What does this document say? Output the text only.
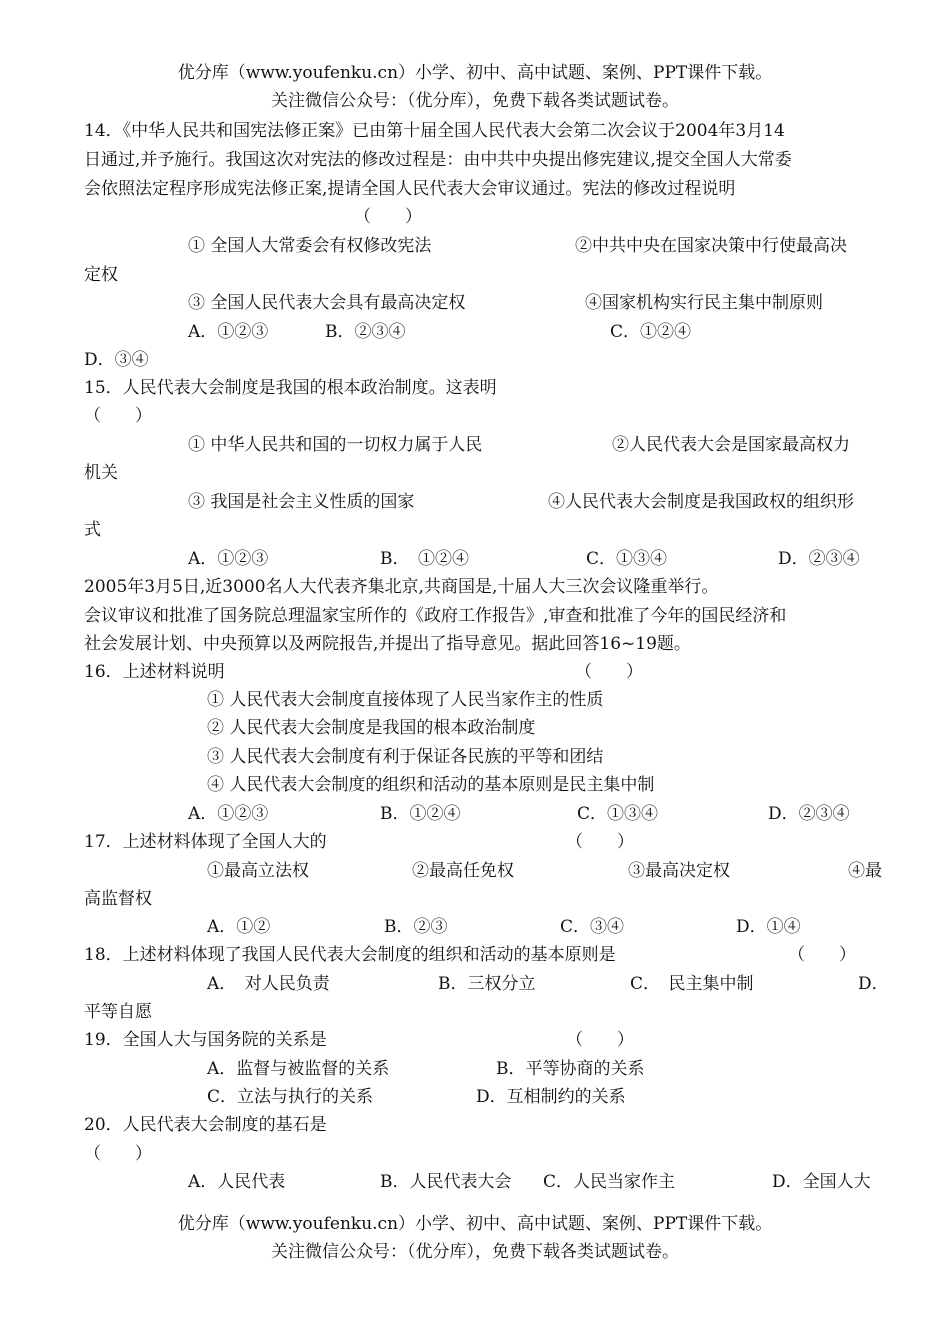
优分库（www.youfenku.cn）小学、初中、高中试题、案例、PPT课件下载。
关注微信公众号：（优分库），免费下载各类试题试卷。
14．《中华人民共和国宪法修正案》已由第十届全国人民代表大会第二次会议于2004年3月14
日通过,并予施行。我国这次对宪法的修改过程是：由中共中央提出修宪建议,提交全国人大常委
会依照法定程序形成宪法修正案,提请全国人民代表大会审议通过。宪法的修改过程说明
（　　）
① 全国人大常委会有权修改宪法	②中共中央在国家决策中行使最高决
定权
③ 全国人民代表大会具有最高决定权	④国家机构实行民主集中制原则
A．①②③	B．②③④	C．①②④
D．③④
15．人民代表大会制度是我国的根本政治制度。这表明
（　　）
① 中华人民共和国的一切权力属于人民	②人民代表大会是国家最高权力
机关
③ 我国是社会主义性质的国家	④人民代表大会制度是我国政权的组织形
式
A．①②③	B．　①②④	C．①③④	D．②③④
2005年3月5日,近3000名人大代表齐集北京,共商国是,十届人大三次会议隆重举行。
会议审议和批准了国务院总理温家宝所作的《政府工作报告》,审查和批准了今年的国民经济和
社会发展计划、中央预算以及两院报告,并提出了指导意见。据此回答16~19题。
16．上述材料说明	（　　）
① 人民代表大会制度直接体现了人民当家作主的性质
② 人民代表大会制度是我国的根本政治制度
③ 人民代表大会制度有利于保证各民族的平等和团结
④ 人民代表大会制度的组织和活动的基本原则是民主集中制
A．①②③	B．①②④	C．①③④	D．②③④
17．上述材料体现了全国人大的	（　　）
①最高立法权	②最高任免权	③最高决定权	④最
高监督权
A．①②	B．②③	C．③④	D．①④
18．上述材料体现了我国人民代表大会制度的组织和活动的基本原则是	（　　）
A．　对人民负责	B．三权分立	C．　民主集中制	D．
平等自愿
19．全国人大与国务院的关系是	（　　）
A．监督与被监督的关系	B．平等协商的关系
C．立法与执行的关系	D．互相制约的关系
20．人民代表大会制度的基石是
（　　）
A．人民代表	B．人民代表大会 C．人民当家作主	D．全国人大
优分库（www.youfenku.cn）小学、初中、高中试题、案例、PPT课件下载。
关注微信公众号：（优分库），免费下载各类试题试卷。
